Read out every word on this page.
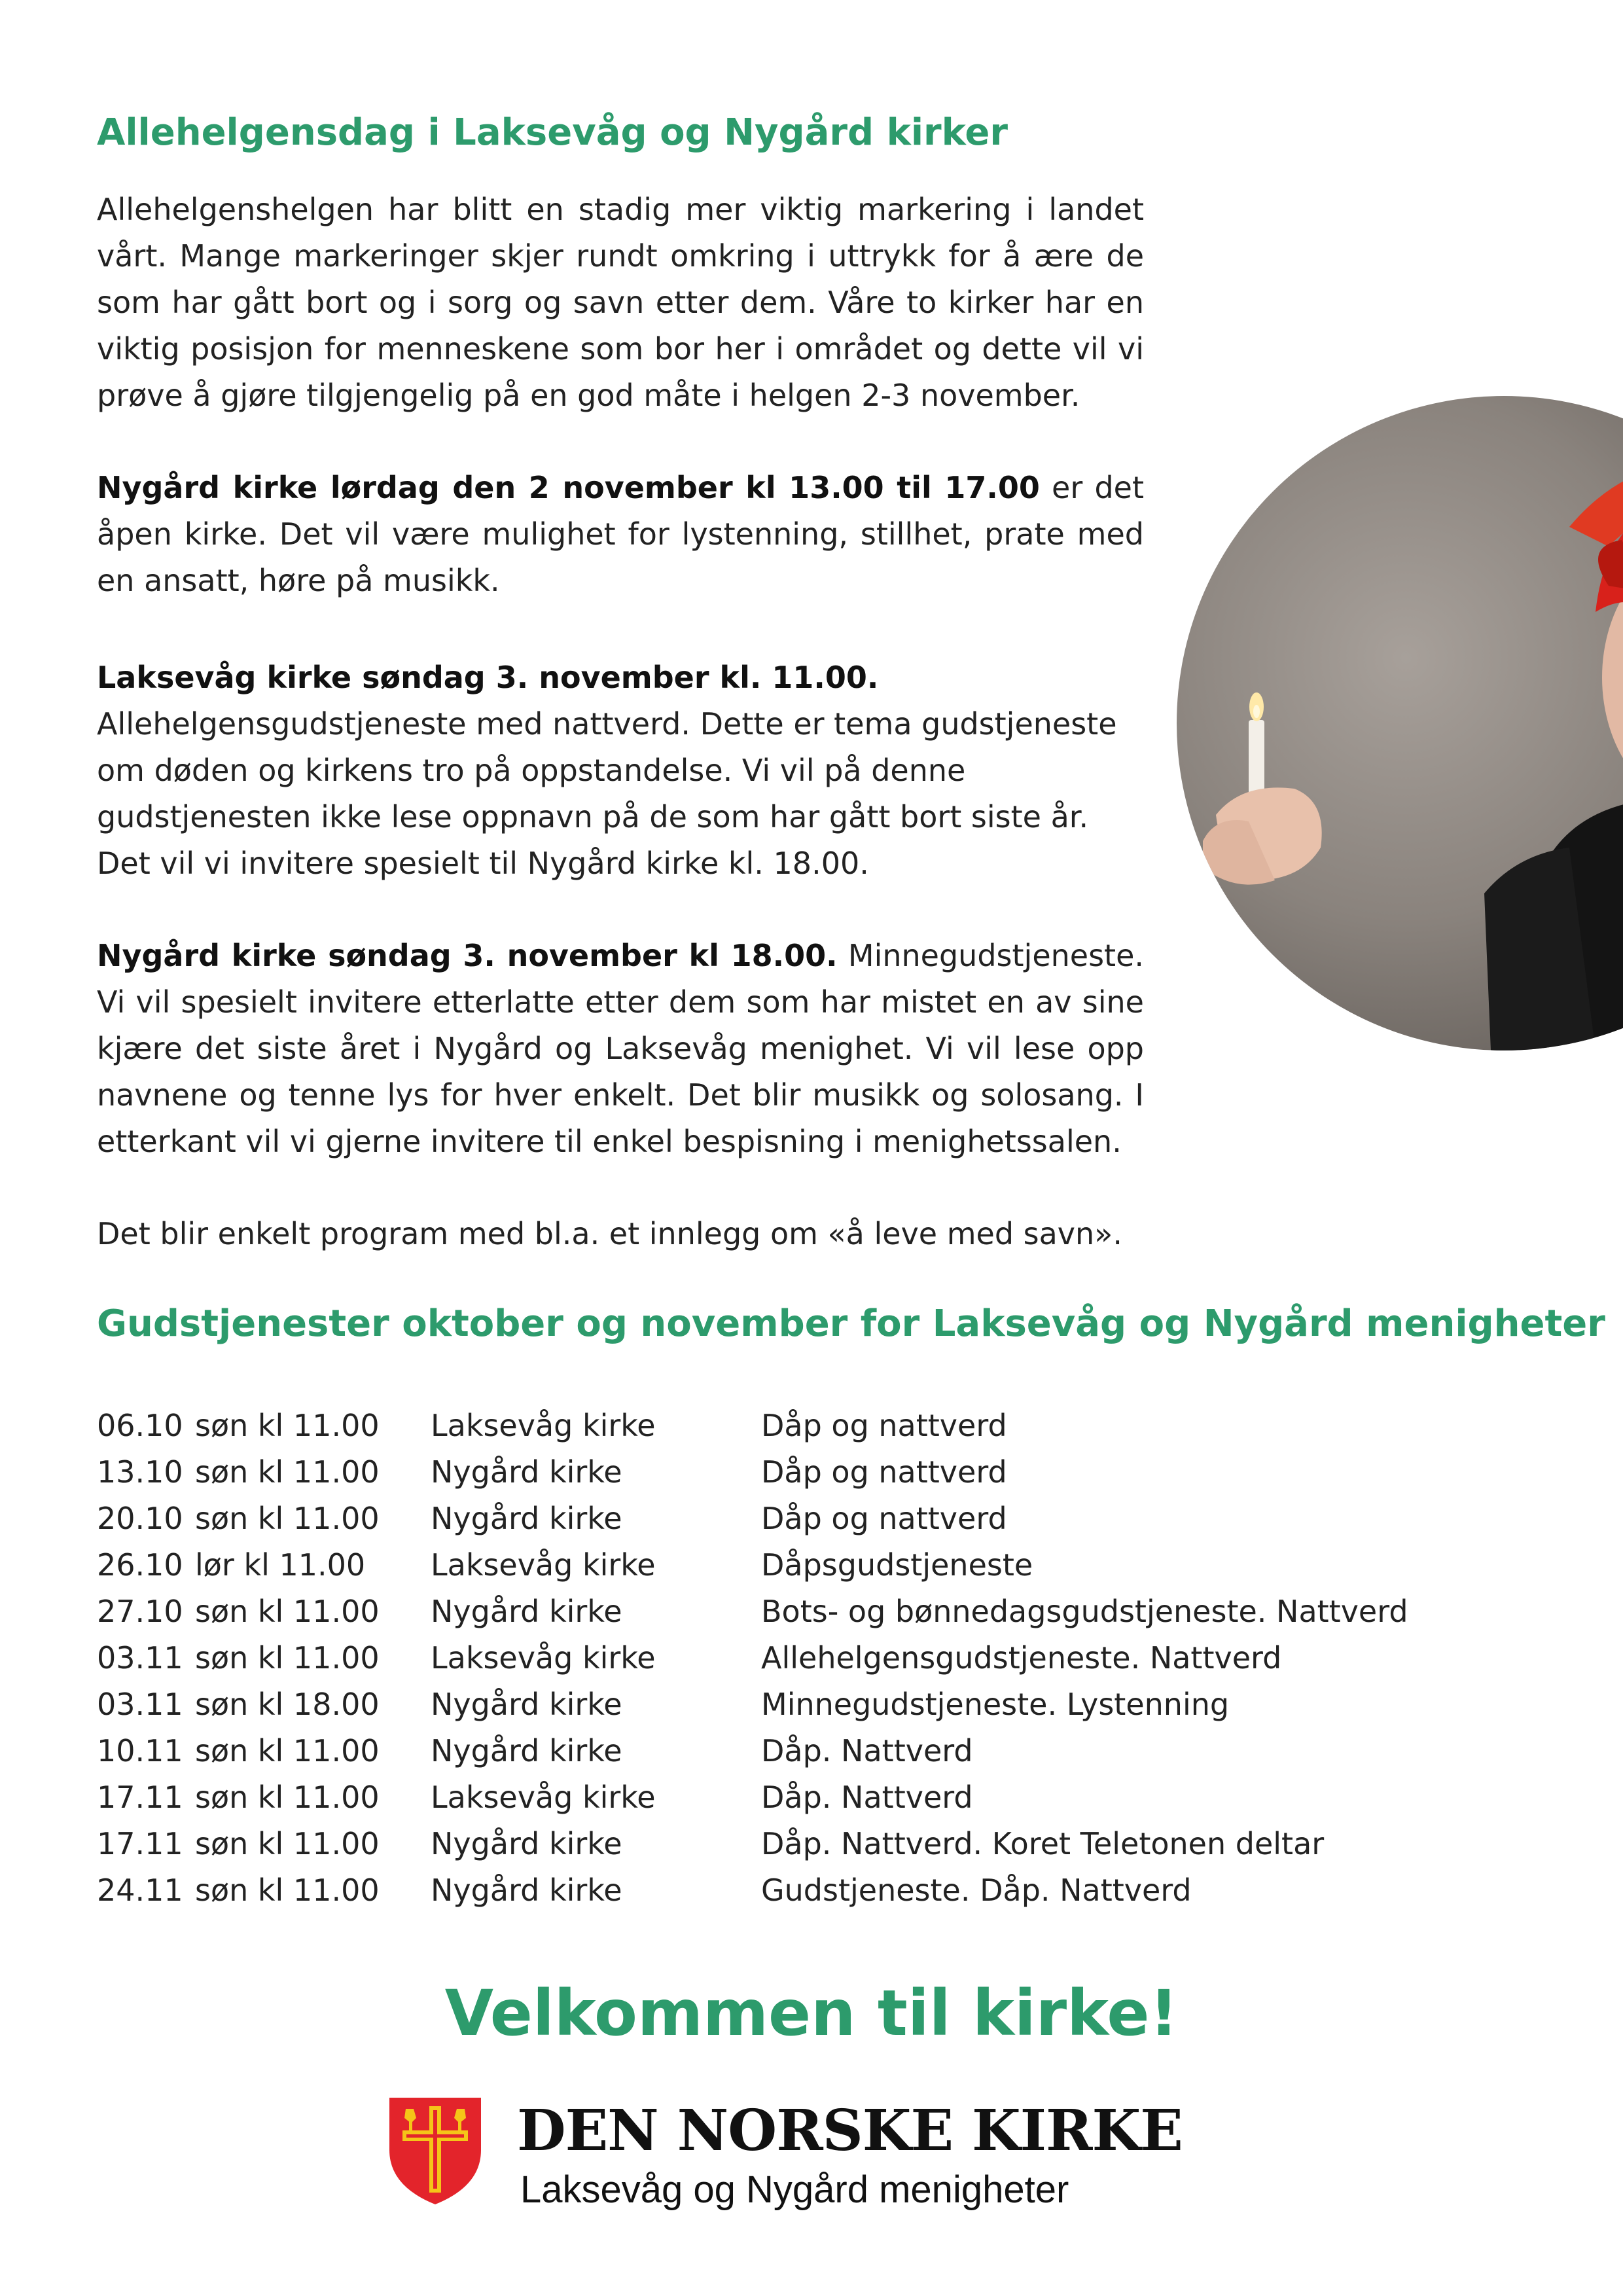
Allehelgensdag i Laksevåg og Nygård kirker

Allehelgenshelgen har blitt en stadig mer viktig markering i landet vårt. Mange markeringer skjer rundt omkring i uttrykk for å ære de som har gått bort og i sorg og savn etter dem. Våre to kirker har en viktig posisjon for menneskene som bor her i området og dette vil vi prøve å gjøre tilgjengelig på en god måte i helgen 2-3 november.

Nygård kirke lørdag den 2 november kl 13.00 til 17.00 er det åpen kirke. Det vil være mulighet for lystenning, stillhet, prate med en ansatt, høre på musikk.

Laksevåg kirke søndag 3. november kl. 11.00.
Allehelgensgudstjeneste med nattverd. Dette er tema gudstjeneste
om døden og kirkens tro på oppstandelse. Vi vil på denne
gudstjenesten ikke lese oppnavn på de som har gått bort siste år.
Det vil vi invitere spesielt til Nygård kirke kl. 18.00.

Nygård kirke søndag 3. november kl 18.00. Minnegudstjeneste. Vi vil spesielt invitere etterlatte etter dem som har mistet en av sine kjære det siste året i Nygård og Laksevåg menighet. Vi vil lese opp navnene og tenne lys for hver enkelt. Det blir musikk og solosang. I etterkant vil vi gjerne invitere til enkel bespisning i menighetssalen.

Det blir enkelt program med bl.a. et innlegg om «å leve med savn».

Gudstjenester oktober og november for Laksevåg og Nygård menigheter
06.10 søn kl 11.00 Laksevåg kirke	Dåp og nattverd
13.10 søn kl 11.00 Nygård kirke	Dåp og nattverd
20.10 søn kl 11.00 Nygård kirke	Dåp og nattverd
26.10 lør kl 11.00 Laksevåg kirke	Dåpsgudstjeneste
27.10 søn kl 11.00 Nygård kirke	Bots- og bønnedagsgudstjeneste. Nattverd
03.11 søn kl 11.00 Laksevåg kirke	Allehelgensgudstjeneste. Nattverd
03.11 søn kl 18.00 Nygård kirke	Minnegudstjeneste. Lystenning
10.11 søn kl 11.00 Nygård kirke	Dåp. Nattverd
17.11 søn kl 11.00 Laksevåg kirke	Dåp. Nattverd
17.11 søn kl 11.00 Nygård kirke	Dåp. Nattverd. Koret Teletonen deltar
24.11 søn kl 11.00 Nygård kirke	Gudstjeneste. Dåp. Nattverd
Velkommen til kirke!

DEN NORSKE KIRKE

Laksevåg og Nygård menigheter
